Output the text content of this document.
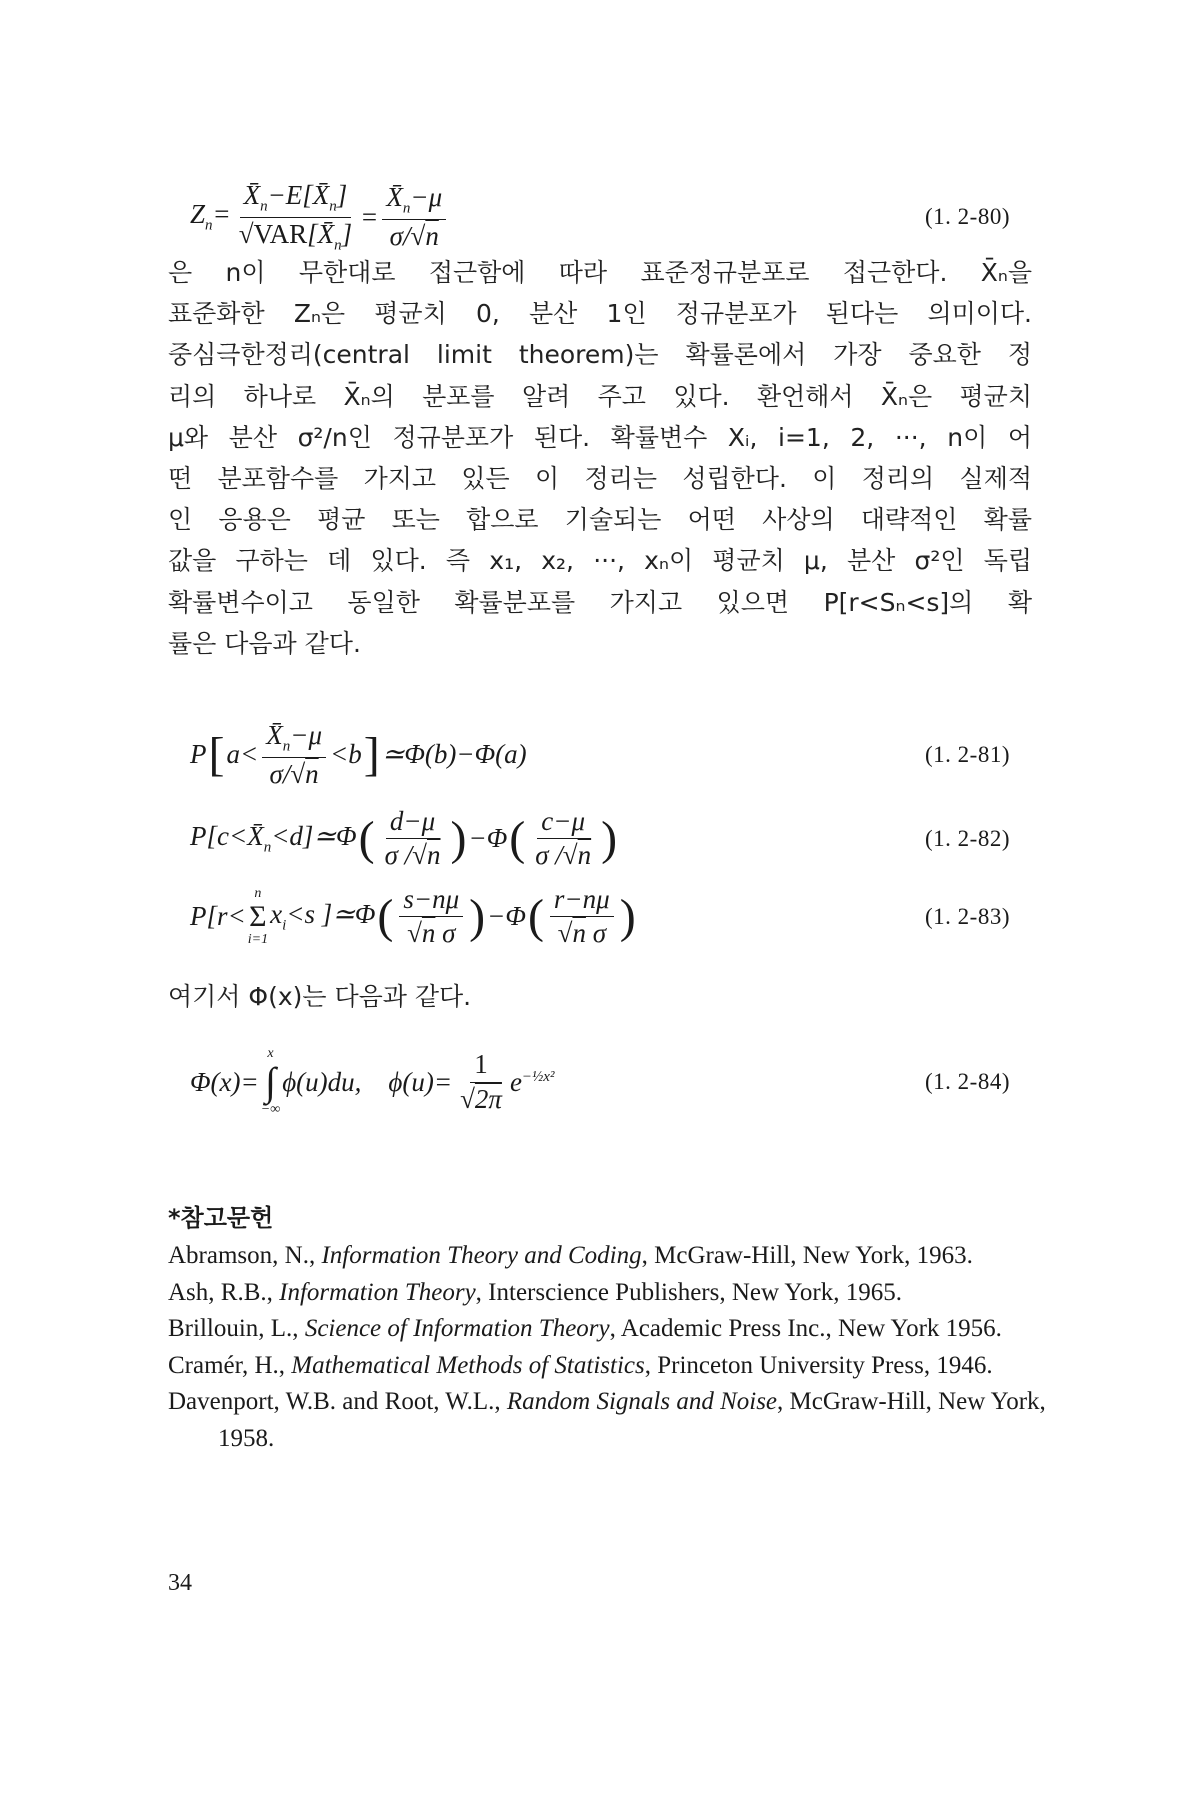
$Z_n= \frac{X̄_n-E[X̄_n]}{√VAR[X̄_n]} = \frac{X̄_n-\mu}{\sigma/√n}$	(1. 2-80)
은 n이 무한대로 접근함에 따라 표준정규분포로 접근한다. X̄ₙ을
표준화한 Zₙ은 평균치 0, 분산 1인 정규분포가 된다는 의미이다.
중심극한정리(central limit theorem)는 확률론에서 가장 중요한 정
리의 하나로 X̄ₙ의 분포를 알려 주고 있다. 환언해서 X̄ₙ은 평균치
μ와 분산 σ²/n인 정규분포가 된다. 확률변수 Xᵢ, i=1, 2, ···, n이 어
떤 분포함수를 가지고 있든 이 정리는 성립한다. 이 정리의 실제적
인 응용은 평균 또는 합으로 기술되는 어떤 사상의 대략적인 확률
값을 구하는 데 있다. 즉 x₁, x₂, ···, xₙ이 평균치 μ, 분산 σ²인 독립
확률변수이고 동일한 확률분포를 가지고 있으면 P[r<Sₙ<s]의 확
률은 다음과 같다.
P [ $a< \frac{X̄_n-\mu}{\sigma/√n} <b$ ] ≃Φ(b)−Φ(a)	(1. 2-81)
$P[c<X̄_n<d]≃\Phi$ ( $\frac{d-\mu}{\sigma /√n}$ ) −Φ ( $\frac{c-\mu}{\sigma /√n}$ )	(1. 2-82)
P[r<
n
Σ
i=1
$x_i<s$ ]≃Φ ( $\frac{s-n\mu}{\text{√n σ}}$ ) −Φ ( $\frac{r-n\mu}{\text{√n σ}}$ )	(1. 2-83)
여기서 Φ(x)는 다음과 같다.
Φ(x)=
x
∫
−∞
ϕ(u)du,    $\phi(u)= \frac{1}{√2\pi} e^{-\frac{1}{2}x^2}$	(1. 2-84)
*참고문헌

Abramson, N., Information Theory and Coding, McGraw-Hill, New York, 1963.

Ash, R.B., Information Theory, Interscience Publishers, New York, 1965.

Brillouin, L., Science of Information Theory, Academic Press Inc., New York 1956.

Cramér, H., Mathematical Methods of Statistics, Princeton University Press, 1946.

Davenport, W.B. and Root, W.L., Random Signals and Noise, McGraw-Hill, New York, 1958.

34
